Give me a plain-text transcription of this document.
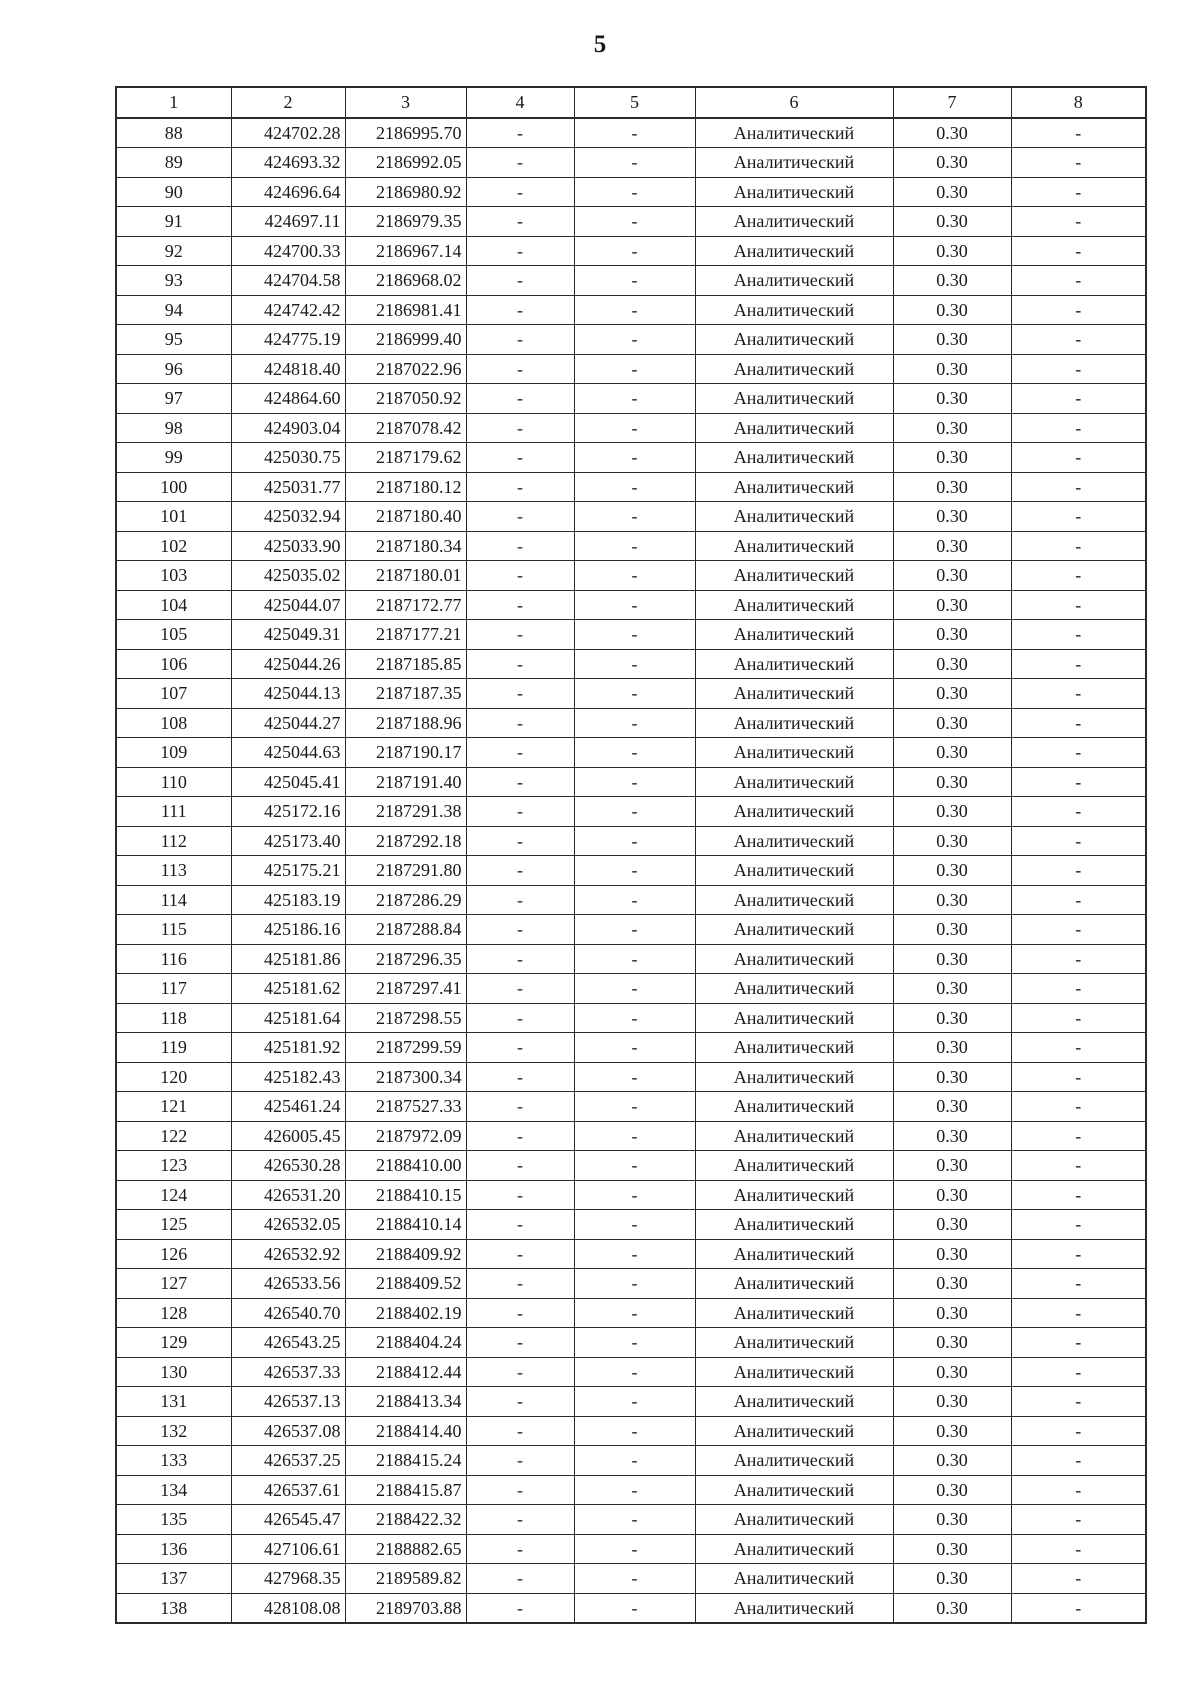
5
1	2	3	4	5	6	7	8
88	424702.28	2186995.70	-	-	Аналитический	0.30	-
89	424693.32	2186992.05	-	-	Аналитический	0.30	-
90	424696.64	2186980.92	-	-	Аналитический	0.30	-
91	424697.11	2186979.35	-	-	Аналитический	0.30	-
92	424700.33	2186967.14	-	-	Аналитический	0.30	-
93	424704.58	2186968.02	-	-	Аналитический	0.30	-
94	424742.42	2186981.41	-	-	Аналитический	0.30	-
95	424775.19	2186999.40	-	-	Аналитический	0.30	-
96	424818.40	2187022.96	-	-	Аналитический	0.30	-
97	424864.60	2187050.92	-	-	Аналитический	0.30	-
98	424903.04	2187078.42	-	-	Аналитический	0.30	-
99	425030.75	2187179.62	-	-	Аналитический	0.30	-
100	425031.77	2187180.12	-	-	Аналитический	0.30	-
101	425032.94	2187180.40	-	-	Аналитический	0.30	-
102	425033.90	2187180.34	-	-	Аналитический	0.30	-
103	425035.02	2187180.01	-	-	Аналитический	0.30	-
104	425044.07	2187172.77	-	-	Аналитический	0.30	-
105	425049.31	2187177.21	-	-	Аналитический	0.30	-
106	425044.26	2187185.85	-	-	Аналитический	0.30	-
107	425044.13	2187187.35	-	-	Аналитический	0.30	-
108	425044.27	2187188.96	-	-	Аналитический	0.30	-
109	425044.63	2187190.17	-	-	Аналитический	0.30	-
110	425045.41	2187191.40	-	-	Аналитический	0.30	-
111	425172.16	2187291.38	-	-	Аналитический	0.30	-
112	425173.40	2187292.18	-	-	Аналитический	0.30	-
113	425175.21	2187291.80	-	-	Аналитический	0.30	-
114	425183.19	2187286.29	-	-	Аналитический	0.30	-
115	425186.16	2187288.84	-	-	Аналитический	0.30	-
116	425181.86	2187296.35	-	-	Аналитический	0.30	-
117	425181.62	2187297.41	-	-	Аналитический	0.30	-
118	425181.64	2187298.55	-	-	Аналитический	0.30	-
119	425181.92	2187299.59	-	-	Аналитический	0.30	-
120	425182.43	2187300.34	-	-	Аналитический	0.30	-
121	425461.24	2187527.33	-	-	Аналитический	0.30	-
122	426005.45	2187972.09	-	-	Аналитический	0.30	-
123	426530.28	2188410.00	-	-	Аналитический	0.30	-
124	426531.20	2188410.15	-	-	Аналитический	0.30	-
125	426532.05	2188410.14	-	-	Аналитический	0.30	-
126	426532.92	2188409.92	-	-	Аналитический	0.30	-
127	426533.56	2188409.52	-	-	Аналитический	0.30	-
128	426540.70	2188402.19	-	-	Аналитический	0.30	-
129	426543.25	2188404.24	-	-	Аналитический	0.30	-
130	426537.33	2188412.44	-	-	Аналитический	0.30	-
131	426537.13	2188413.34	-	-	Аналитический	0.30	-
132	426537.08	2188414.40	-	-	Аналитический	0.30	-
133	426537.25	2188415.24	-	-	Аналитический	0.30	-
134	426537.61	2188415.87	-	-	Аналитический	0.30	-
135	426545.47	2188422.32	-	-	Аналитический	0.30	-
136	427106.61	2188882.65	-	-	Аналитический	0.30	-
137	427968.35	2189589.82	-	-	Аналитический	0.30	-
138	428108.08	2189703.88	-	-	Аналитический	0.30	-
